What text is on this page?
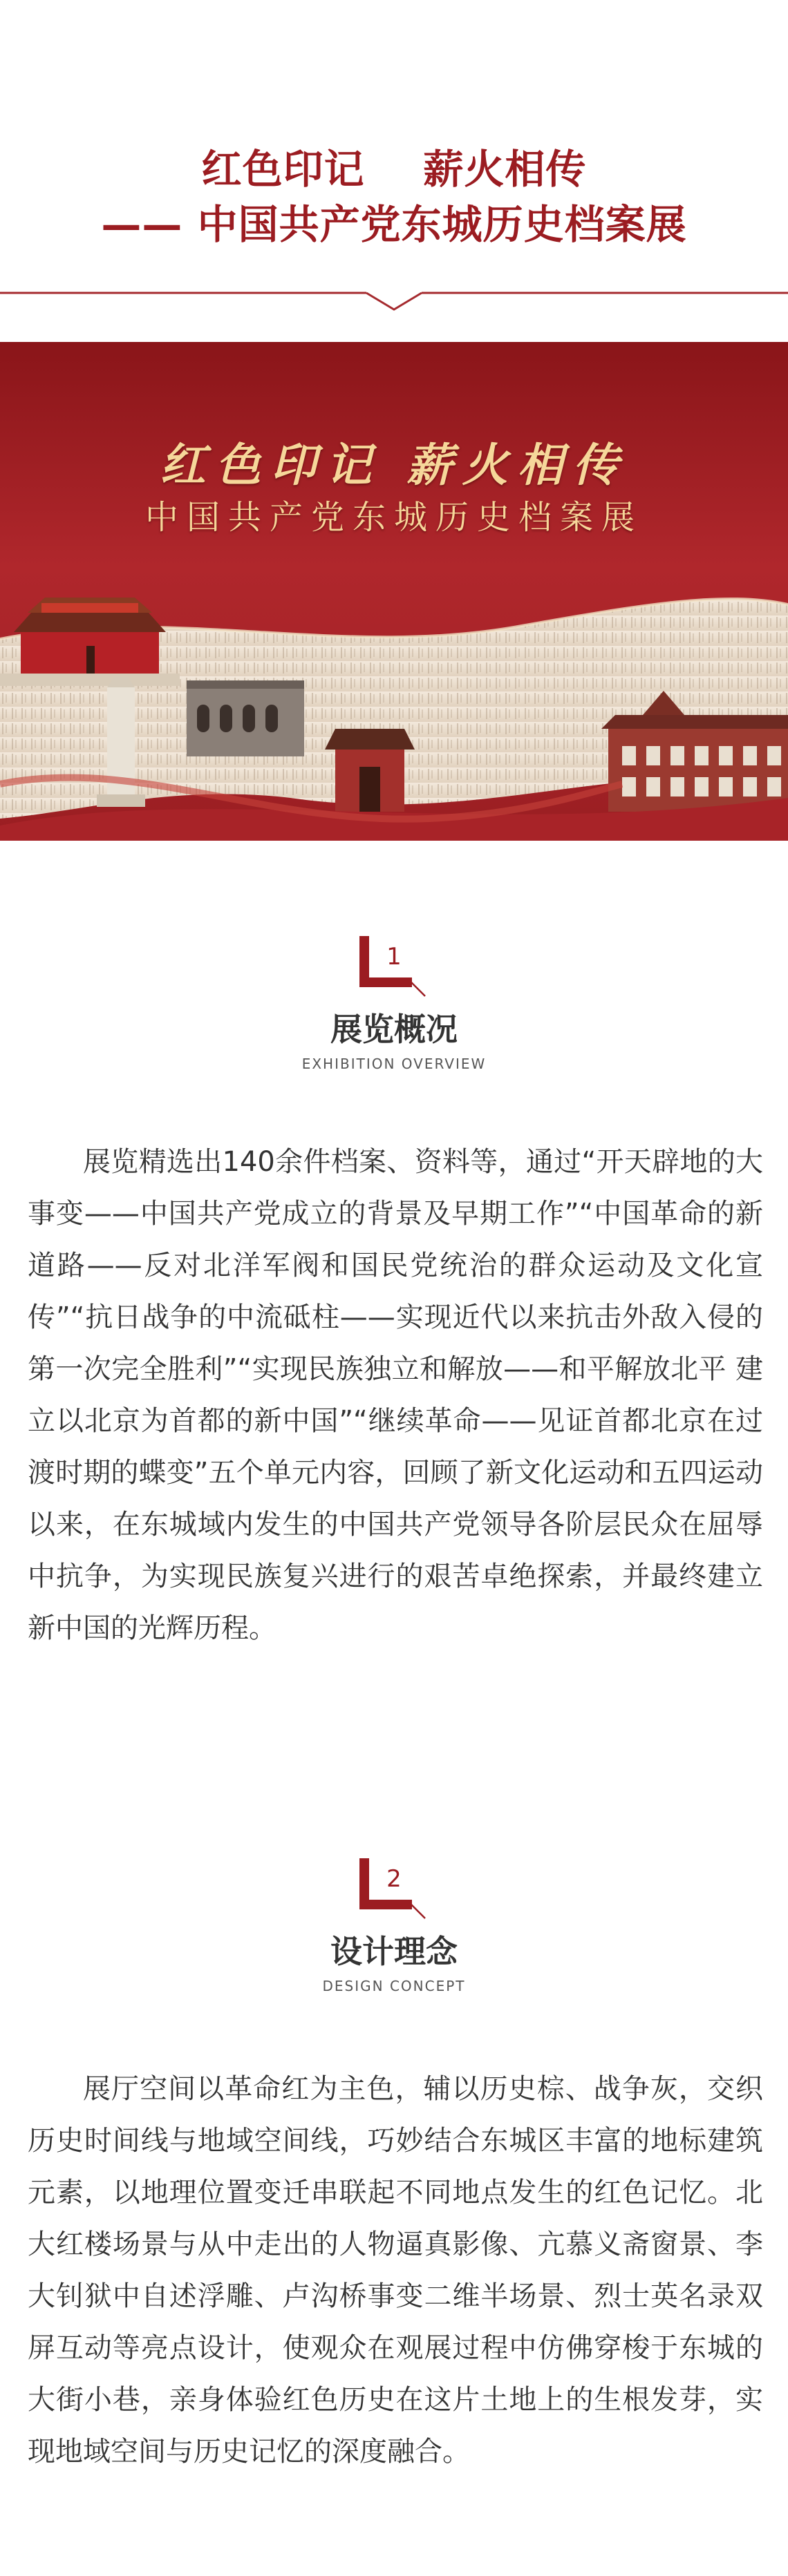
红色印记    薪火相传
—— 中国共产党东城历史档案展
红色印记 薪火相传
中国共产党东城历史档案展
1
展览概况
EXHIBITION OVERVIEW
展览精选出140余件档案、资料等，通过“开天辟地的大事变——中国共产党成立的背景及早期工作”“中国革命的新道路——反对北洋军阀和国民党统治的群众运动及文化宣传”“抗日战争的中流砥柱——实现近代以来抗击外敌入侵的第一次完全胜利”“实现民族独立和解放——和平解放北平 建立以北京为首都的新中国”“继续革命——见证首都北京在过渡时期的蝶变”五个单元内容，回顾了新文化运动和五四运动以来，在东城域内发生的中国共产党领导各阶层民众在屈辱中抗争，为实现民族复兴进行的艰苦卓绝探索，并最终建立新中国的光辉历程。
2
设计理念
DESIGN CONCEPT
展厅空间以革命红为主色，辅以历史棕、战争灰，交织历史时间线与地域空间线，巧妙结合东城区丰富的地标建筑元素，以地理位置变迁串联起不同地点发生的红色记忆。北大红楼场景与从中走出的人物逼真影像、亢慕义斋窗景、李大钊狱中自述浮雕、卢沟桥事变二维半场景、烈士英名录双屏互动等亮点设计，使观众在观展过程中仿佛穿梭于东城的大街小巷，亲身体验红色历史在这片土地上的生根发芽，实现地域空间与历史记忆的深度融合。
